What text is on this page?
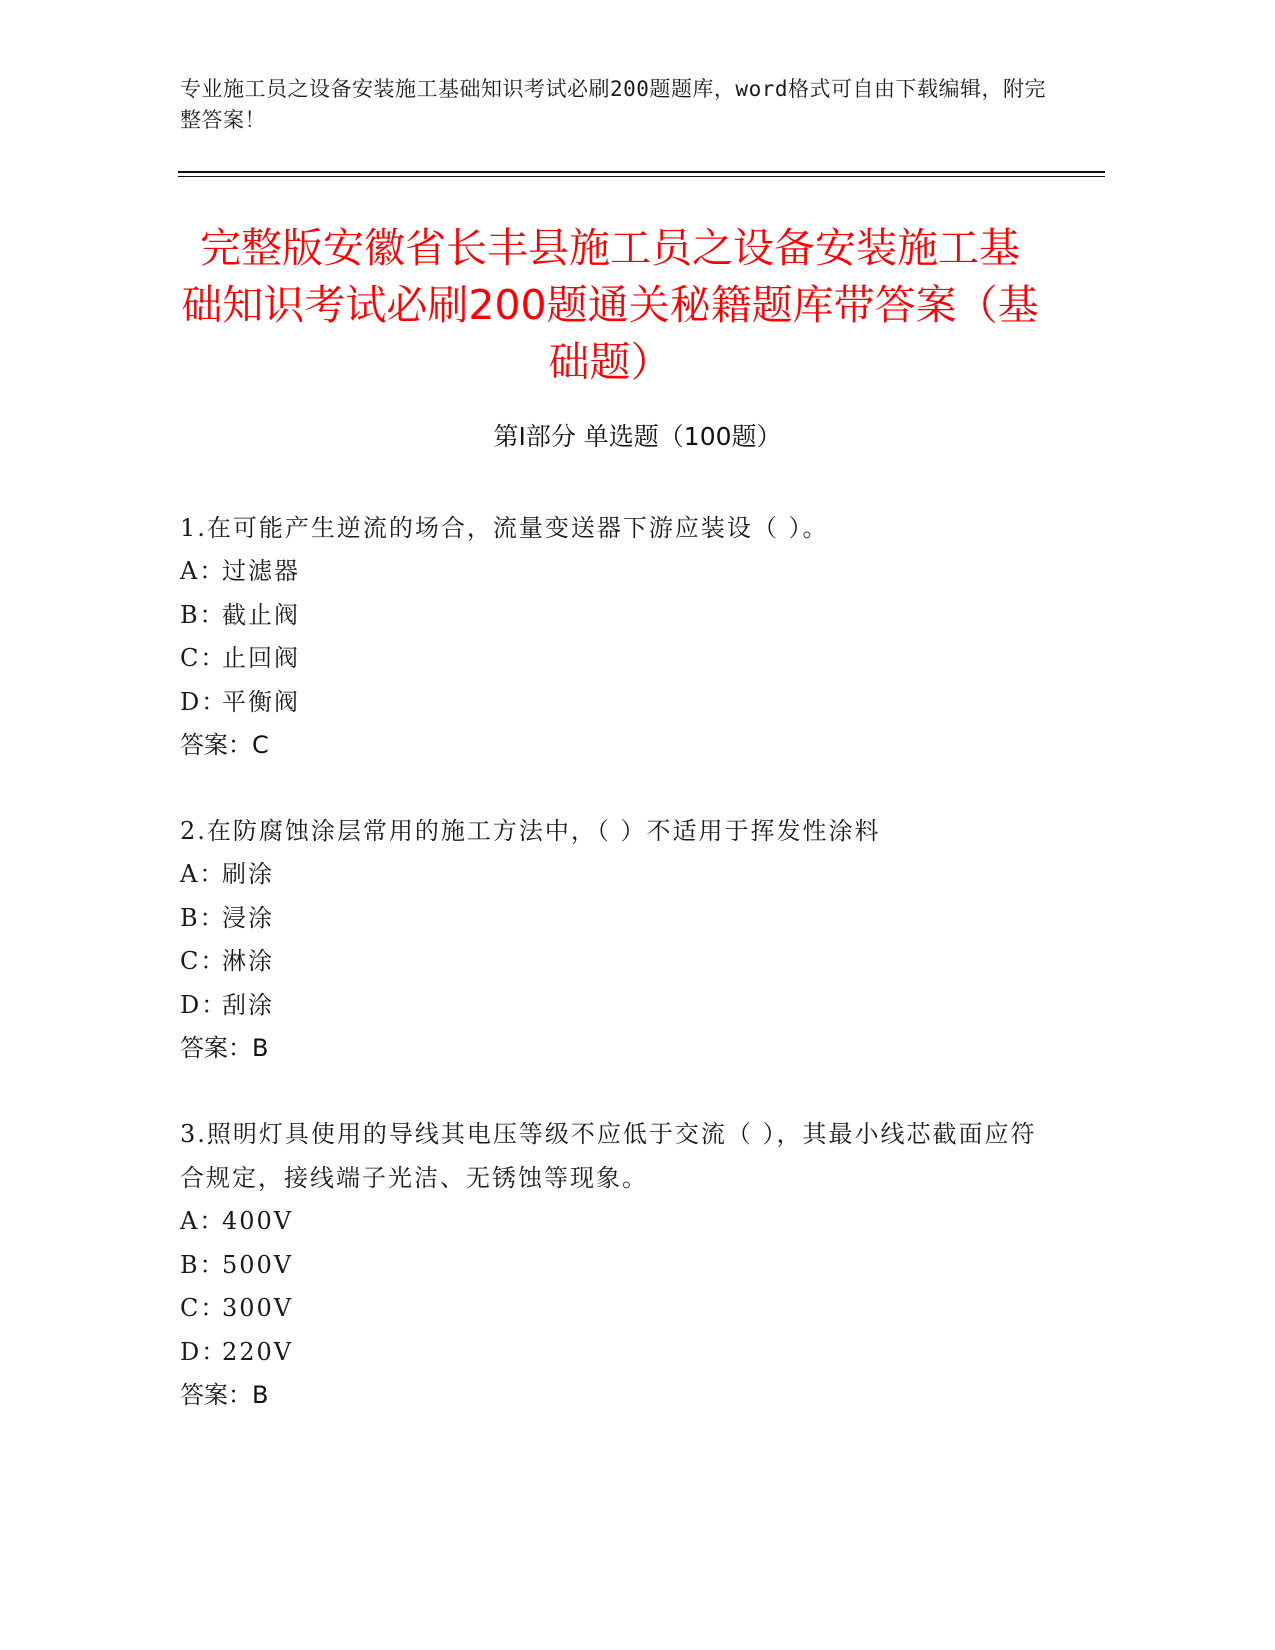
专业施工员之设备安装施工基础知识考试必刷200题题库，word格式可自由下载编辑，附完整答案！
完整版安徽省长丰县施工员之设备安装施工基础知识考试必刷200题通关秘籍题库带答案（基础题）
第I部分 单选题（100题）

1.在可能产生逆流的场合，流量变送器下游应装设（ ）。

A：过滤器

B：截止阀

C：止回阀

D：平衡阀

答案：C

2.在防腐蚀涂层常用的施工方法中，（ ）不适用于挥发性涂料

A：刷涂

B：浸涂

C：淋涂

D：刮涂

答案：B

3.照明灯具使用的导线其电压等级不应低于交流（ ），其最小线芯截面应符合规定，接线端子光洁、无锈蚀等现象。

A：400V

B：500V

C：300V

D：220V

答案：B
